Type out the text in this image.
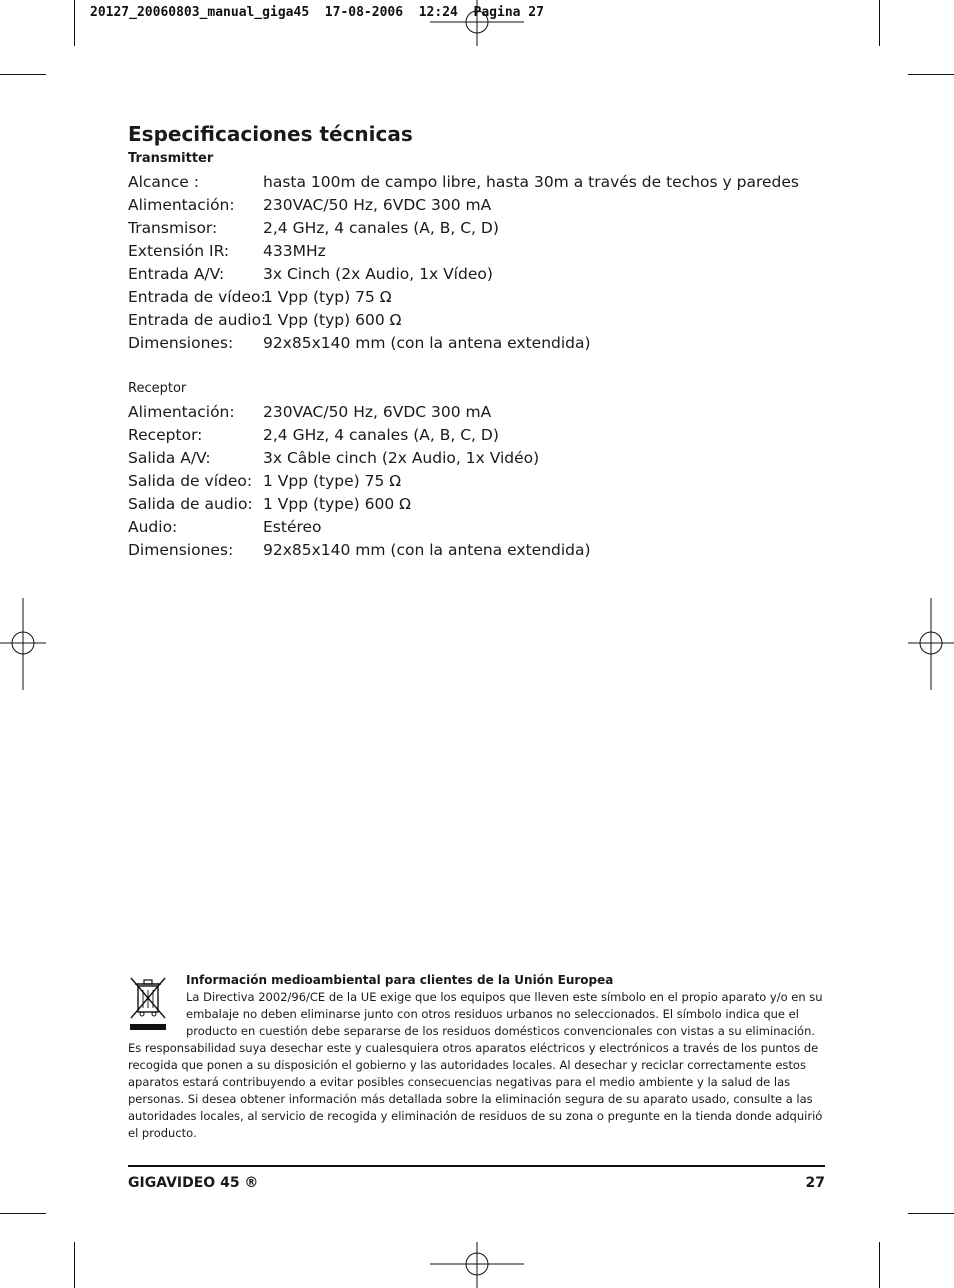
20127_20060803_manual_giga45  17-08-2006  12:24  Pagina 27
Especificaciones técnicas
Transmitter
Alcance :	hasta 100m de campo libre, hasta 30m a través de techos y paredes
Alimentación: 230VAC/50 Hz, 6VDC 300 mA
Transmisor:	2,4 GHz, 4 canales (A, B, C, D)
Extensión IR: 433MHz
Entrada A/V:	3x Cinch (2x Audio, 1x Vídeo)
Entrada de vídeo:1 Vpp (typ) 75 Ω
Entrada de audio:1 Vpp (typ) 600 Ω
Dimensiones: 92x85x140 mm (con la antena extendida)
Receptor
Alimentación: 230VAC/50 Hz, 6VDC 300 mA
Receptor:	2,4 GHz, 4 canales (A, B, C, D)
Salida A/V:	3x Câble cinch (2x Audio, 1x Vidéo)
Salida de vídeo: 1 Vpp (type) 75 Ω
Salida de audio: 1 Vpp (type) 600 Ω
Audio:	Estéreo
Dimensiones: 92x85x140 mm (con la antena extendida)
Información medioambiental para clientes de la Unión Europea
La Directiva 2002/96/CE de la UE exige que los equipos que lleven este símbolo en el propio aparato y/o en su embalaje no deben eliminarse junto con otros residuos urbanos no seleccionados. El símbolo indica que el producto en cuestión debe separarse de los residuos domésticos convencionales con vistas a su eliminación. Es responsabilidad suya desechar este y cualesquiera otros aparatos eléctricos y electrónicos a través de los puntos de recogida que ponen a su disposición el gobierno y las autoridades locales. Al desechar y reciclar correctamente estos aparatos estará contribuyendo a evitar posibles consecuencias negativas para el medio ambiente y la salud de las personas. Si desea obtener información más detallada sobre la eliminación segura de su aparato usado, consulte a las autoridades locales, al servicio de recogida y eliminación de residuos de su zona o pregunte en la tienda donde adquirió el producto.
GIGAVIDEO 45 ®	27
